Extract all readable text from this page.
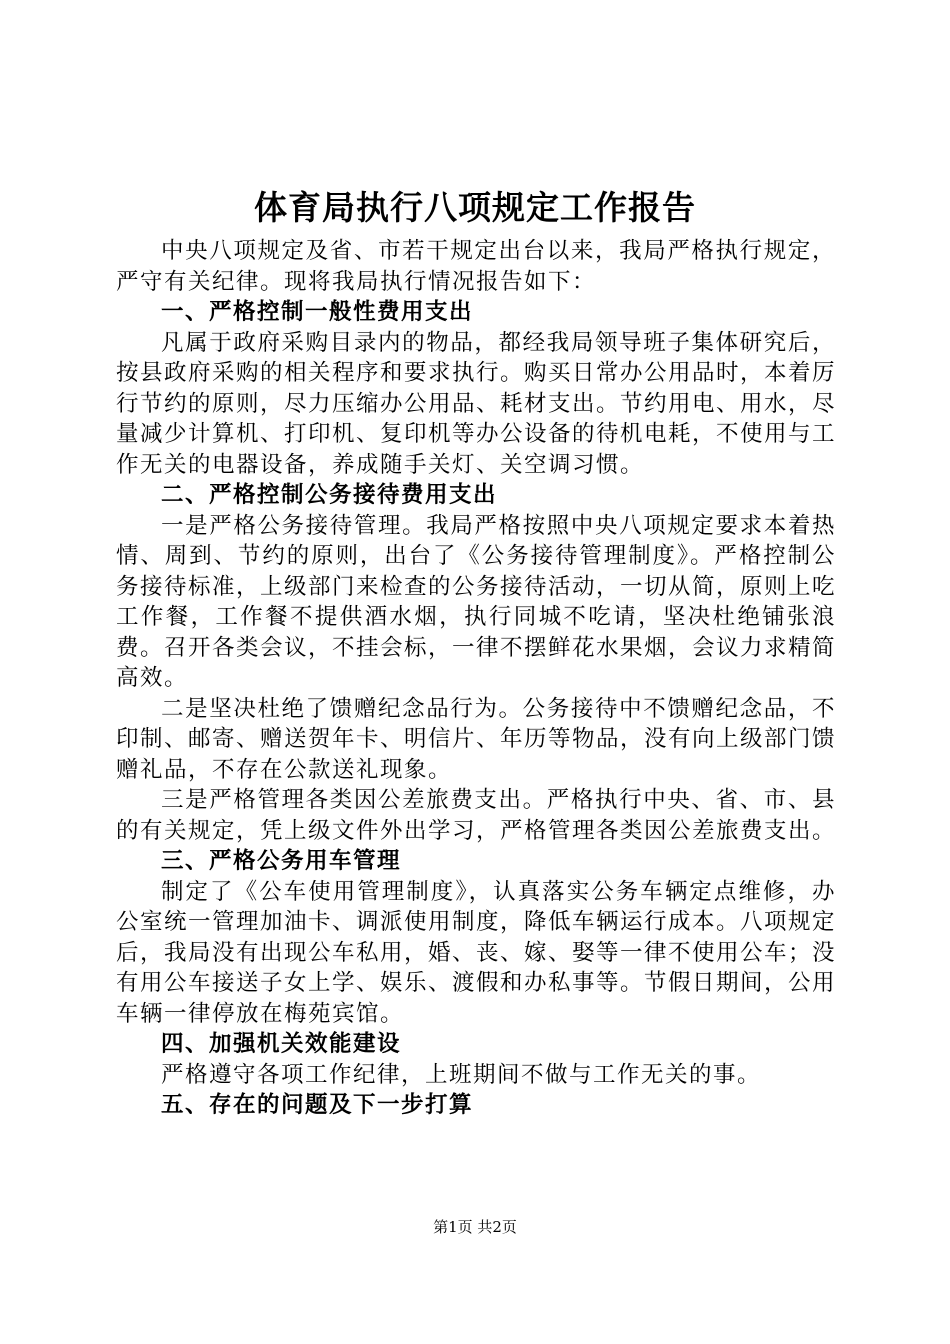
体育局执行八项规定工作报告

中央八项规定及省、市若干规定出台以来，我局严格执行规定，严守有关纪律。现将我局执行情况报告如下：

一、严格控制一般性费用支出

凡属于政府采购目录内的物品，都经我局领导班子集体研究后，按县政府采购的相关程序和要求执行。购买日常办公用品时，本着厉行节约的原则，尽力压缩办公用品、耗材支出。节约用电、用水，尽量减少计算机、打印机、复印机等办公设备的待机电耗，不使用与工作无关的电器设备，养成随手关灯、关空调习惯。

二、严格控制公务接待费用支出

一是严格公务接待管理。我局严格按照中央八项规定要求本着热情、周到、节约的原则，出台了《公务接待管理制度》。严格控制公务接待标准，上级部门来检查的公务接待活动，一切从简，原则上吃工作餐，工作餐不提供酒水烟，执行同城不吃请，坚决杜绝铺张浪费。召开各类会议，不挂会标，一律不摆鲜花水果烟，会议力求精简高效。

二是坚决杜绝了馈赠纪念品行为。公务接待中不馈赠纪念品，不印制、邮寄、赠送贺年卡、明信片、年历等物品，没有向上级部门馈赠礼品，不存在公款送礼现象。

三是严格管理各类因公差旅费支出。严格执行中央、省、市、县的有关规定，凭上级文件外出学习，严格管理各类因公差旅费支出。

三、严格公务用车管理

制定了《公车使用管理制度》，认真落实公务车辆定点维修，办公室统一管理加油卡、调派使用制度，降低车辆运行成本。八项规定后，我局没有出现公车私用，婚、丧、嫁、娶等一律不使用公车；没有用公车接送子女上学、娱乐、渡假和办私事等。节假日期间，公用车辆一律停放在梅苑宾馆。

四、加强机关效能建设

严格遵守各项工作纪律，上班期间不做与工作无关的事。

五、存在的问题及下一步打算

第1页 共2页
